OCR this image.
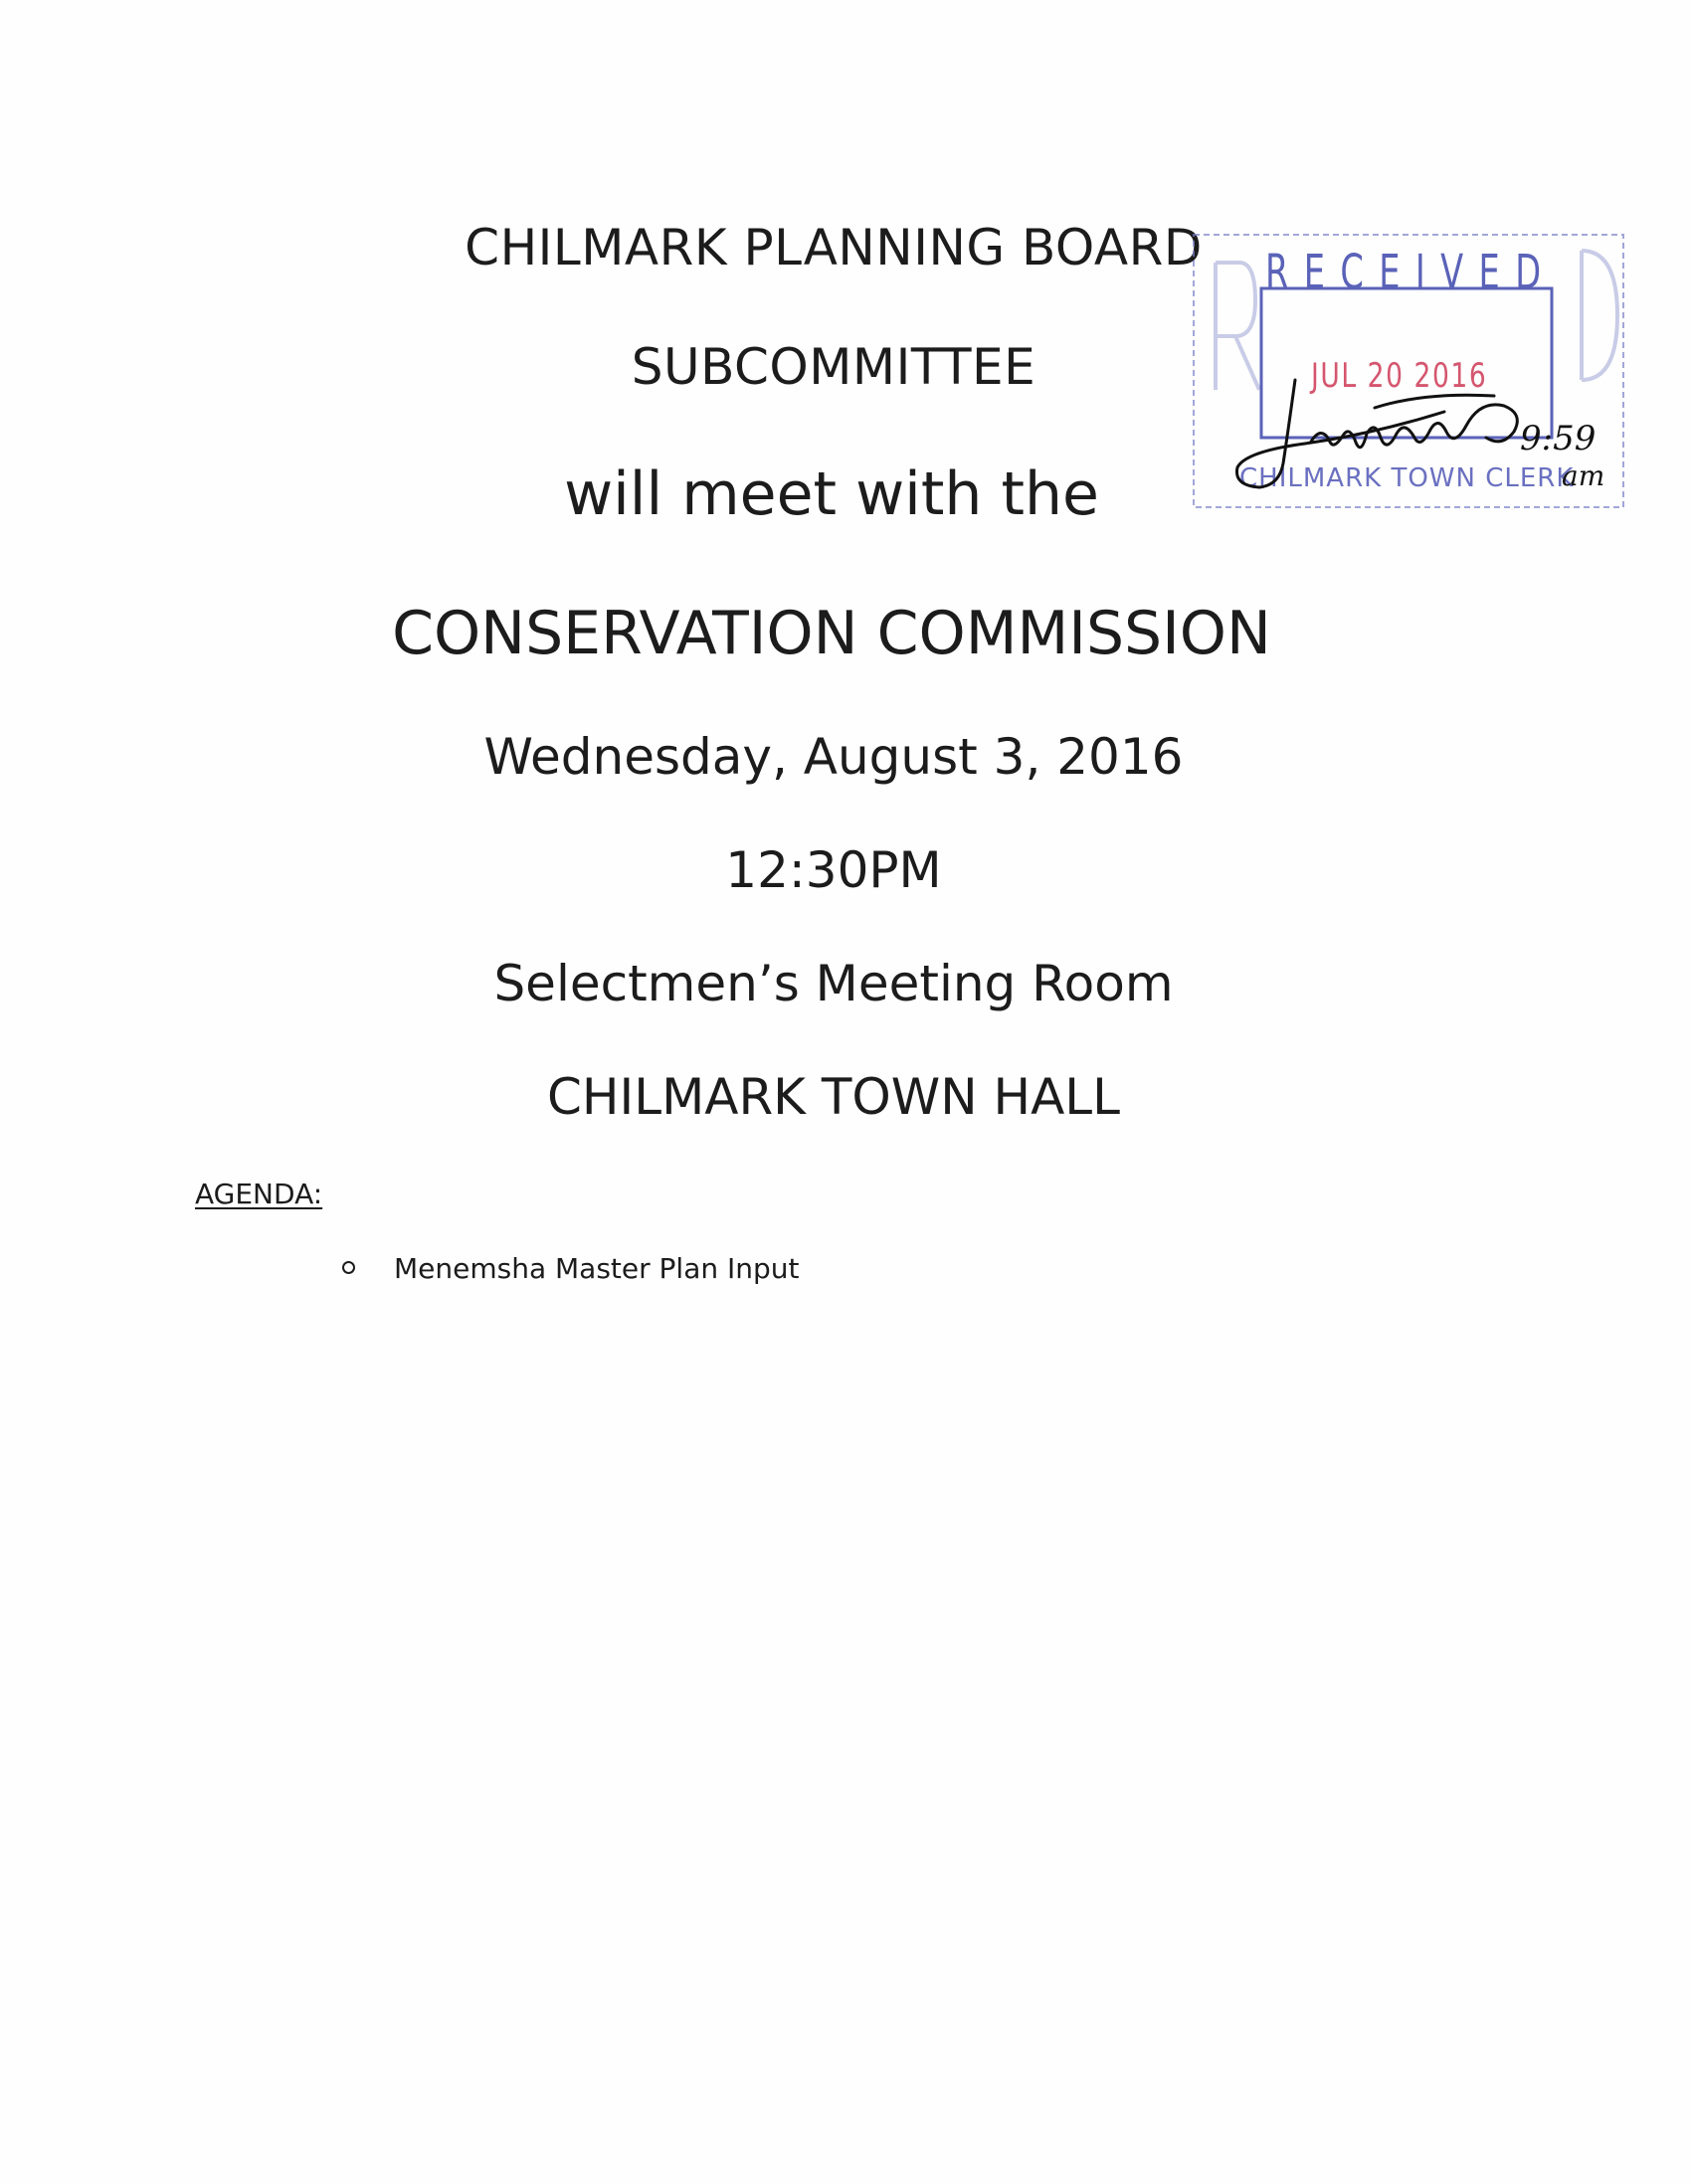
CHILMARK PLANNING BOARD
SUBCOMMITTEE
will meet with the
CONSERVATION COMMISSION
Wednesday, August 3, 2016
12:30PM
Selectmen’s Meeting Room
CHILMARK TOWN HALL
AGENDA:
Menemsha Master Plan Input
RECEIVED
JUL 20 2016
CHILMARK TOWN CLERK
9:59
am
